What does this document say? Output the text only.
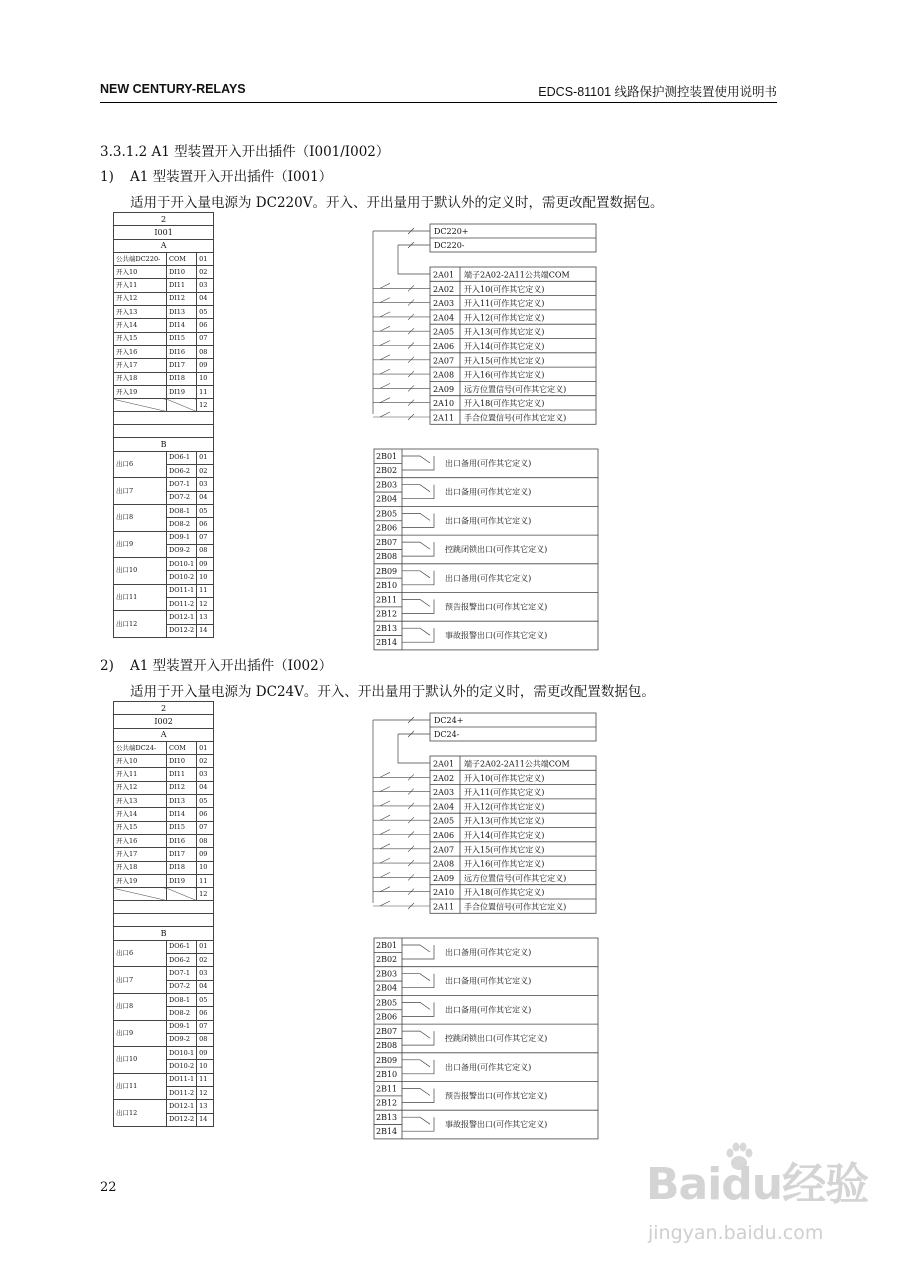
NEW CENTURY-RELAYS	EDCS-81101 线路保护测控装置使用说明书
3.3.1.2 A1 型装置开入开出插件（I001/I002）
1) A1 型装置开入开出插件（I001）
适用于开入量电源为 DC220V。开入、开出量用于默认外的定义时，需更改配置数据包。
2		
I001		
A		
公共端DC220-	COM	01
开入10	DI10	02
开入11	DI11	03
开入12	DI12	04
开入13	DI13	05
开入14	DI14	06
开入15	DI15	07
开入16	DI16	08
开入17	DI17	09
开入18	DI18	10
开入19	DI19	11
		12

B		
出口6	DO6-1	01
	DO6-2	02
出口7	DO7-1	03
	DO7-2	04
出口8	DO8-1	05
	DO8-2	06
出口9	DO9-1	07
	DO9-2	08
出口10	DO10-1	09
	DO10-2	10
出口11	DO11-1	11
	DO11-2	12
出口12	DO12-1	13
	DO12-2	14
DC220+
DC220-
2A01 端子2A02-2A11公共端COM
2A02 开入10(可作其它定义)
2A03 开入11(可作其它定义)
2A04 开入12(可作其它定义)
2A05 开入13(可作其它定义)
2A06 开入14(可作其它定义)
2A07 开入15(可作其它定义)
2A08 开入16(可作其它定义)
2A09 远方位置信号(可作其它定义)
2A10 开入18(可作其它定义)
2A11 手合位置信号(可作其它定义)
2B01
2B02
出口备用(可作其它定义)
2B03
2B04
出口备用(可作其它定义)
2B05
2B06
出口备用(可作其它定义)
2B07
2B08
控跳闭锁出口(可作其它定义)
2B09
2B10
出口备用(可作其它定义)
2B11
2B12
预告报警出口(可作其它定义)
2B13
2B14
事故报警出口(可作其它定义)
2) A1 型装置开入开出插件（I002）
适用于开入量电源为 DC24V。开入、开出量用于默认外的定义时，需更改配置数据包。
2		
I002		
A		
公共端DC24-	COM	01
开入10	DI10	02
开入11	DI11	03
开入12	DI12	04
开入13	DI13	05
开入14	DI14	06
开入15	DI15	07
开入16	DI16	08
开入17	DI17	09
开入18	DI18	10
开入19	DI19	11
		12

B		
出口6	DO6-1	01
	DO6-2	02
出口7	DO7-1	03
	DO7-2	04
出口8	DO8-1	05
	DO8-2	06
出口9	DO9-1	07
	DO9-2	08
出口10	DO10-1	09
	DO10-2	10
出口11	DO11-1	11
	DO11-2	12
出口12	DO12-1	13
	DO12-2	14
DC24+
DC24-
2A01 端子2A02-2A11公共端COM
2A02 开入10(可作其它定义)
2A03 开入11(可作其它定义)
2A04 开入12(可作其它定义)
2A05 开入13(可作其它定义)
2A06 开入14(可作其它定义)
2A07 开入15(可作其它定义)
2A08 开入16(可作其它定义)
2A09 远方位置信号(可作其它定义)
2A10 开入18(可作其它定义)
2A11 手合位置信号(可作其它定义)
2B01
2B02
出口备用(可作其它定义)
2B03
2B04
出口备用(可作其它定义)
2B05
2B06
出口备用(可作其它定义)
2B07
2B08
控跳闭锁出口(可作其它定义)
2B09
2B10
出口备用(可作其它定义)
2B11
2B12
预告报警出口(可作其它定义)
2B13
2B14
事故报警出口(可作其它定义)
22	Baidu经验
jingyan.baidu.com
